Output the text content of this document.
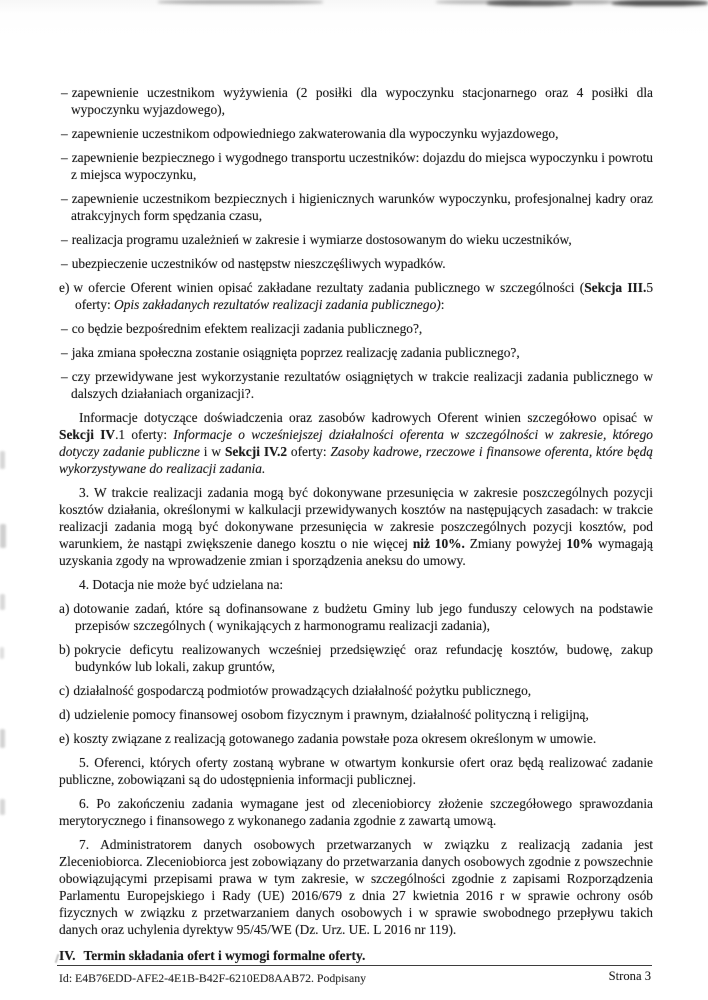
– zapewnienie uczestnikom wyżywienia (2 posiłki dla wypoczynku stacjonarnego oraz 4 posiłki dla wypoczynku wyjazdowego),
– zapewnienie uczestnikom odpowiedniego zakwaterowania dla wypoczynku wyjazdowego,
– zapewnienie bezpiecznego i wygodnego transportu uczestników: dojazdu do miejsca wypoczynku i powrotu z miejsca wypoczynku,
– zapewnienie uczestnikom bezpiecznych i higienicznych warunków wypoczynku, profesjonalnej kadry oraz atrakcyjnych form spędzania czasu,
– realizacja programu uzależnień w zakresie i wymiarze dostosowanym do wieku uczestników,
– ubezpieczenie uczestników od następstw nieszczęśliwych wypadków.
e) w ofercie Oferent winien opisać zakładane rezultaty zadania publicznego w szczególności (Sekcja III.5 oferty: Opis zakładanych rezultatów realizacji zadania publicznego):
– co będzie bezpośrednim efektem realizacji zadania publicznego?,
– jaka zmiana społeczna zostanie osiągnięta poprzez realizację zadania publicznego?,
– czy przewidywane jest wykorzystanie rezultatów osiągniętych w trakcie realizacji zadania publicznego w dalszych działaniach organizacji?.
Informacje dotyczące doświadczenia oraz zasobów kadrowych Oferent winien szczegółowo opisać w Sekcji IV.1 oferty: Informacje o wcześniejszej działalności oferenta w szczególności w zakresie, którego dotyczy zadanie publiczne i w Sekcji IV.2 oferty: Zasoby kadrowe, rzeczowe i finansowe oferenta, które będą wykorzystywane do realizacji zadania.
3. W trakcie realizacji zadania mogą być dokonywane przesunięcia w zakresie poszczególnych pozycji kosztów działania, określonymi w kalkulacji przewidywanych kosztów na następujących zasadach: w trakcie realizacji zadania mogą być dokonywane przesunięcia w zakresie poszczególnych pozycji kosztów, pod warunkiem, że nastąpi zwiększenie danego kosztu o nie więcej niż 10%. Zmiany powyżej 10% wymagają uzyskania zgody na wprowadzenie zmian i sporządzenia aneksu do umowy.
4. Dotacja nie może być udzielana na:
a) dotowanie zadań, które są dofinansowane z budżetu Gminy lub jego funduszy celowych na podstawie przepisów szczególnych ( wynikających z harmonogramu realizacji zadania),
b) pokrycie deficytu realizowanych wcześniej przedsięwzięć oraz refundację kosztów, budowę, zakup budynków lub lokali, zakup gruntów,
c) działalność gospodarczą podmiotów prowadzących działalność pożytku publicznego,
d) udzielenie pomocy finansowej osobom fizycznym i prawnym, działalność polityczną i religijną,
e) koszty związane z realizacją gotowanego zadania powstałe poza okresem określonym w umowie.
5. Oferenci, których oferty zostaną wybrane w otwartym konkursie ofert oraz będą realizować zadanie publiczne, zobowiązani są do udostępnienia informacji publicznej.
6. Po zakończeniu zadania wymagane jest od zleceniobiorcy złożenie szczegółowego sprawozdania merytorycznego i finansowego z wykonanego zadania zgodnie z zawartą umową.
7. Administratorem danych osobowych przetwarzanych w związku z realizacją zadania jest Zleceniobiorca. Zleceniobiorca jest zobowiązany do przetwarzania danych osobowych zgodnie z powszechnie obowiązującymi przepisami prawa w tym zakresie, w szczególności zgodnie z zapisami Rozporządzenia Parlamentu Europejskiego i Rady (UE) 2016/679 z dnia 27 kwietnia 2016 r w sprawie ochrony osób fizycznych w związku z przetwarzaniem danych osobowych i w sprawie swobodnego przepływu takich danych oraz uchylenia dyrektyw 95/45/WE (Dz. Urz. UE. L 2016 nr 119).
IV. Termin składania ofert i wymogi formalne oferty.
Id: E4B76EDD-AFE2-4E1B-B42F-6210ED8AAB72. Podpisany	Strona 3
